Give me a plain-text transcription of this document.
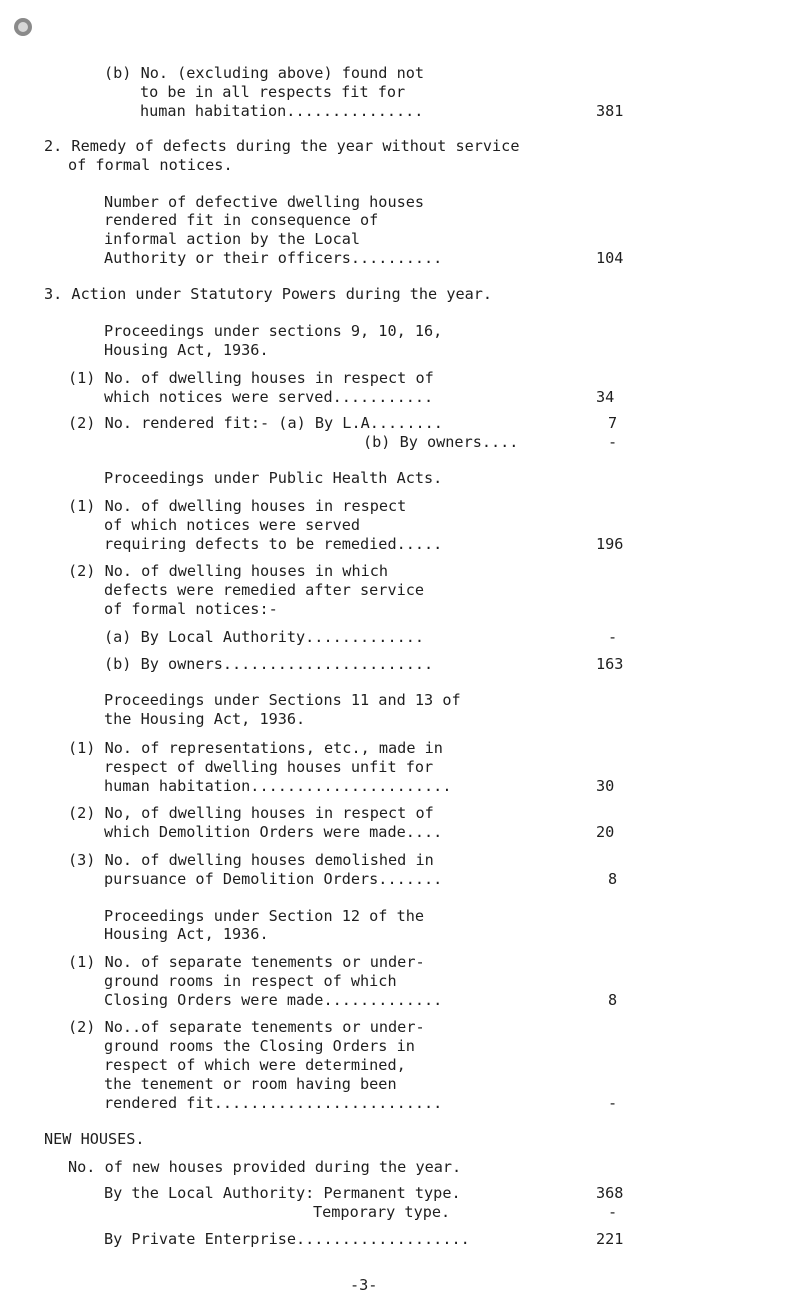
(b) No. (excluding above) found not
to be in all respects fit for
human habitation...............
2. Remedy of defects during the year without service
of formal notices.
Number of defective dwelling houses
rendered fit in consequence of
informal action by the Local
Authority or their officers..........
3. Action under Statutory Powers during the year.
Proceedings under sections 9, 10, 16,
Housing Act, 1936.
(1) No. of dwelling houses in respect of
which notices were served...........
(2) No. rendered fit:- (a) By L.A........
(b) By owners....
Proceedings under Public Health Acts.
(1) No. of dwelling houses in respect
of which notices were served
requiring defects to be remedied.....
(2) No. of dwelling houses in which
defects were remedied after service
of formal notices:-
(a) By Local Authority.............
(b) By owners.......................
Proceedings under Sections 11 and 13 of
the Housing Act, 1936.
(1) No. of representations, etc., made in
respect of dwelling houses unfit for
human habitation......................
(2) No, of dwelling houses in respect of
which Demolition Orders were made....
(3) No. of dwelling houses demolished in
pursuance of Demolition Orders.......
Proceedings under Section 12 of the
Housing Act, 1936.
(1) No. of separate tenements or under-
ground rooms in respect of which
Closing Orders were made.............
(2) No..of separate tenements or under-
ground rooms the Closing Orders in
respect of which were determined,
the tenement or room having been
rendered fit.........................
NEW HOUSES.
No. of new houses provided during the year.
By the Local Authority: Permanent type.
Temporary type.
By Private Enterprise...................
-3-
381
104
34
7
-
196
-
163
30
20
8
8
-
368
-
221
